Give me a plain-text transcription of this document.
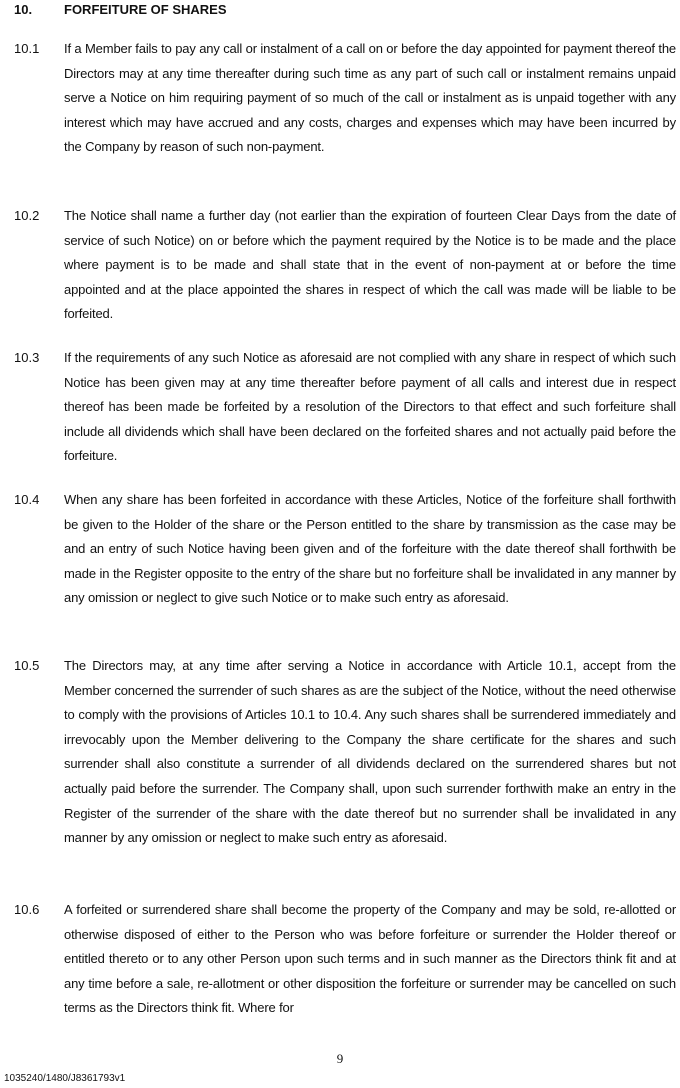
10. FORFEITURE OF SHARES
10.1 If a Member fails to pay any call or instalment of a call on or before the day appointed for payment thereof the Directors may at any time thereafter during such time as any part of such call or instalment remains unpaid serve a Notice on him requiring payment of so much of the call or instalment as is unpaid together with any interest which may have accrued and any costs, charges and expenses which may have been incurred by the Company by reason of such non-payment.
10.2 The Notice shall name a further day (not earlier than the expiration of fourteen Clear Days from the date of service of such Notice) on or before which the payment required by the Notice is to be made and the place where payment is to be made and shall state that in the event of non-payment at or before the time appointed and at the place appointed the shares in respect of which the call was made will be liable to be forfeited.
10.3 If the requirements of any such Notice as aforesaid are not complied with any share in respect of which such Notice has been given may at any time thereafter before payment of all calls and interest due in respect thereof has been made be forfeited by a resolution of the Directors to that effect and such forfeiture shall include all dividends which shall have been declared on the forfeited shares and not actually paid before the forfeiture.
10.4 When any share has been forfeited in accordance with these Articles, Notice of the forfeiture shall forthwith be given to the Holder of the share or the Person entitled to the share by transmission as the case may be and an entry of such Notice having been given and of the forfeiture with the date thereof shall forthwith be made in the Register opposite to the entry of the share but no forfeiture shall be invalidated in any manner by any omission or neglect to give such Notice or to make such entry as aforesaid.
10.5 The Directors may, at any time after serving a Notice in accordance with Article 10.1, accept from the Member concerned the surrender of such shares as are the subject of the Notice, without the need otherwise to comply with the provisions of Articles 10.1 to 10.4. Any such shares shall be surrendered immediately and irrevocably upon the Member delivering to the Company the share certificate for the shares and such surrender shall also constitute a surrender of all dividends declared on the surrendered shares but not actually paid before the surrender. The Company shall, upon such surrender forthwith make an entry in the Register of the surrender of the share with the date thereof but no surrender shall be invalidated in any manner by any omission or neglect to make such entry as aforesaid.
10.6 A forfeited or surrendered share shall become the property of the Company and may be sold, re-allotted or otherwise disposed of either to the Person who was before forfeiture or surrender the Holder thereof or entitled thereto or to any other Person upon such terms and in such manner as the Directors think fit and at any time before a sale, re-allotment or other disposition the forfeiture or surrender may be cancelled on such terms as the Directors think fit. Where for
9
1035240/1480/J8361793v1
